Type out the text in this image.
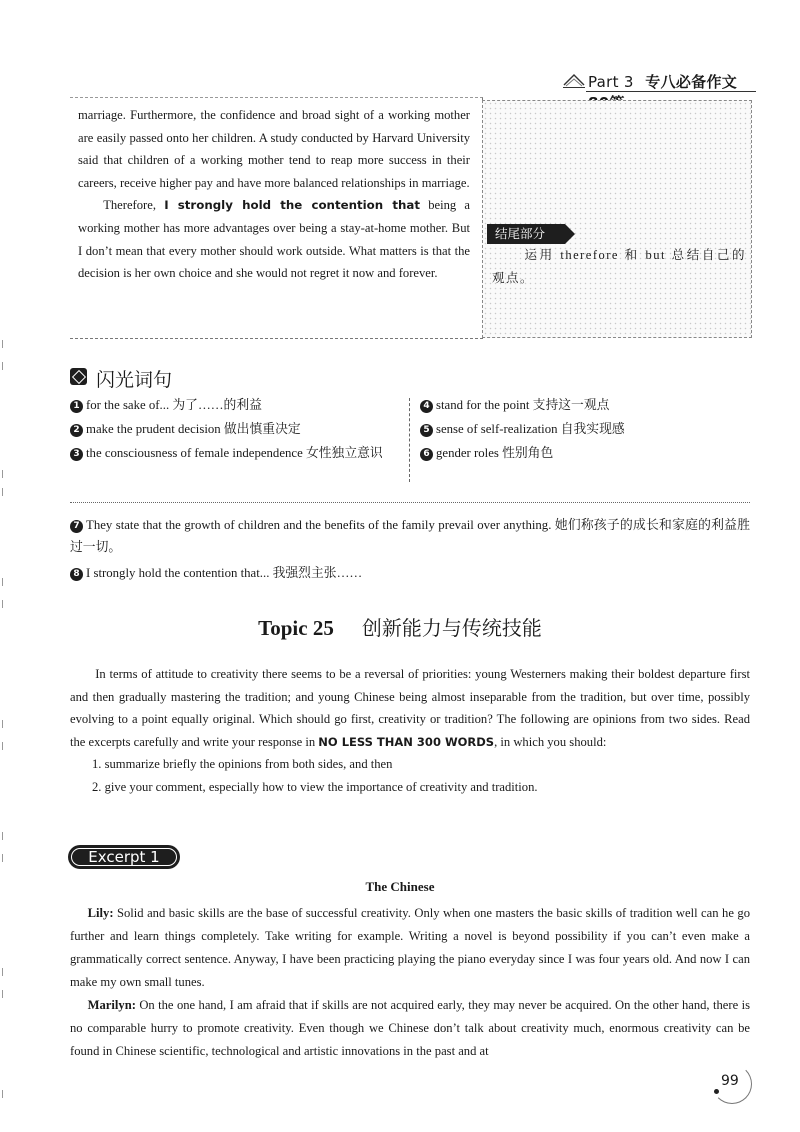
Part 3 专八必备作文

marriage. Furthermore, the confidence and broad sight of a working mother are easily passed onto her children. A study conducted by Harvard University said that children of a working mother tend to reap more success in their careers, receive higher pay and have more balanced relationships in marriage.

Therefore, I strongly hold the contention that being a working mother has more advantages over being a stay-at-home mother. But I don’t mean that every mother should work outside. What matters is that the decision is her own choice and she would not regret it now and forever.

结尾部分
运用 therefore 和 but 总结自己的观点。
闪光词句
1 for the sake of... 为了……的利益
2 make the prudent decision 做出慎重决定
3 the consciousness of female independence 女性独立意识
4 stand for the point 支持这一观点
5 sense of self-realization 自我实现感
6 gender roles 性别角色
7 They state that the growth of children and the benefits of the family prevail over anything. 她们称孩子的成长和家庭的利益胜过一切。
8 I strongly hold the contention that... 我强烈主张……
Topic 25 创新能力与传统技能

In terms of attitude to creativity there seems to be a reversal of priorities: young Westerners making their boldest departure first and then gradually mastering the tradition; and young Chinese being almost inseparable from the tradition, but over time, possibly evolving to a point equally original. Which should go first, creativity or tradition? The following are opinions from two sides. Read the excerpts carefully and write your response in NO LESS THAN 300 WORDS, in which you should:

1. summarize briefly the opinions from both sides, and then

2. give your comment, especially how to view the importance of creativity and tradition.

Excerpt 1
The Chinese

Lily: Solid and basic skills are the base of successful creativity. Only when one masters the basic skills of tradition well can he go further and learn things completely. Take writing for example. Writing a novel is beyond possibility if you can’t even make a grammatically correct sentence. Anyway, I have been practicing playing the piano everyday since I was four years old. And now I can make my own small tunes.

Marilyn: On the one hand, I am afraid that if skills are not acquired early, they may never be acquired. On the other hand, there is no comparable hurry to promote creativity. Even though we Chinese don’t talk about creativity much, enormous creativity can be found in Chinese scientific, technological and artistic innovations in the past and at

99
